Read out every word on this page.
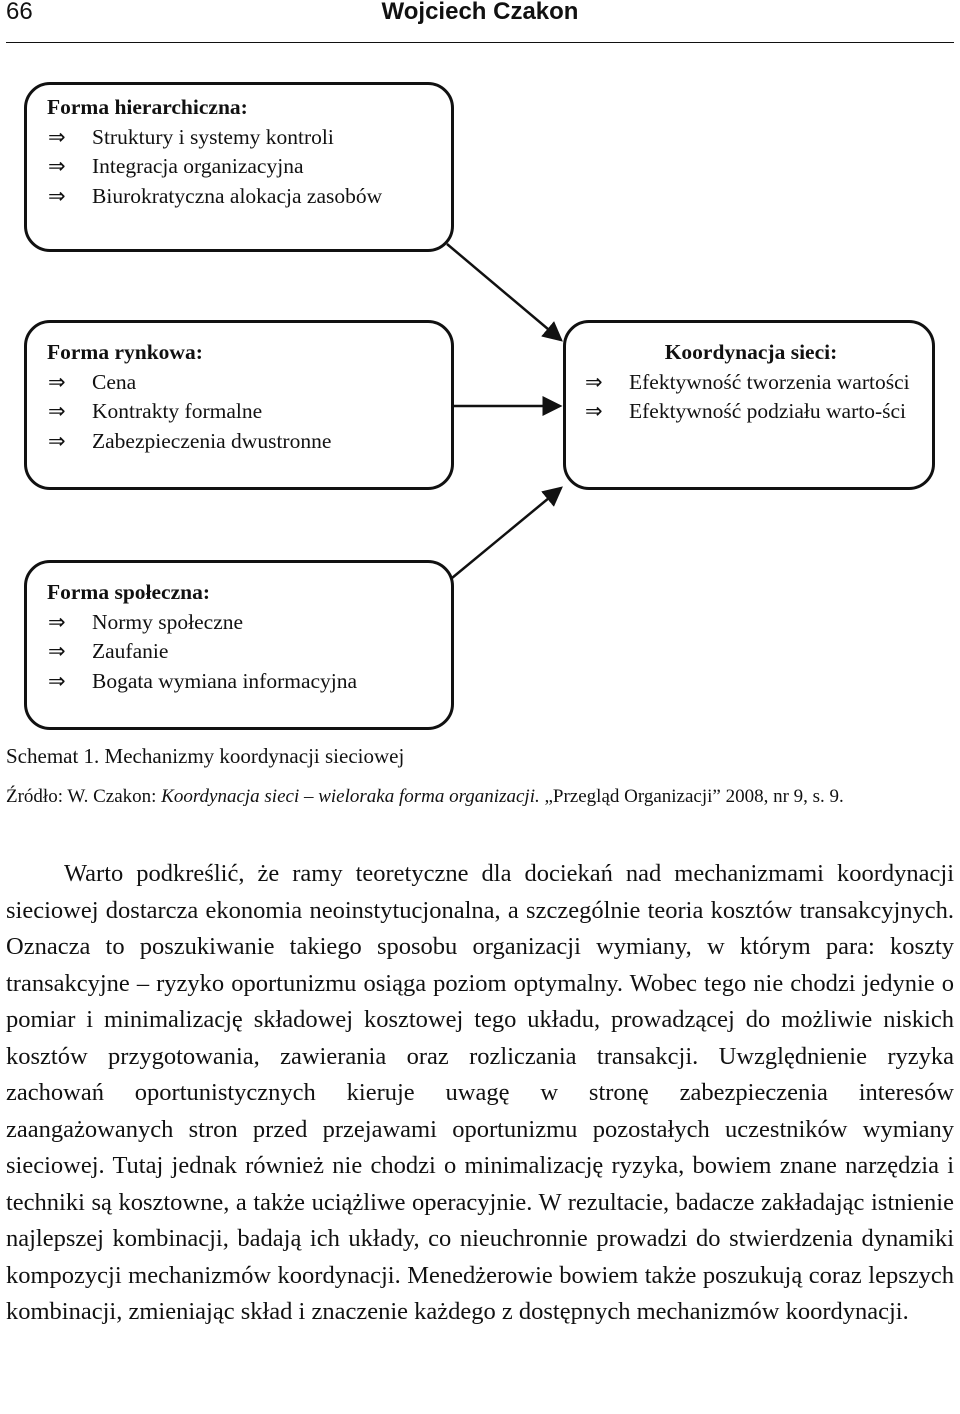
66	Wojciech Czakon
Forma hierarchiczna:
⇒	Struktury i systemy kontroli
⇒	Integracja organizacyjna
⇒	Biurokratyczna alokacja zasobów
Forma rynkowa:
⇒	Cena
⇒	Kontrakty formalne
⇒	Zabezpieczenia dwustronne
Koordynacja sieci:
⇒	Efektywność tworzenia wartości
⇒	Efektywność podziału warto-ści
Forma społeczna:
⇒	Normy społeczne
⇒	Zaufanie
⇒	Bogata wymiana informacyjna
Schemat 1. Mechanizmy koordynacji sieciowej
Źródło: W. Czakon: Koordynacja sieci – wieloraka forma organizacji. „Przegląd Organizacji” 2008, nr 9, s. 9.
Warto podkreślić, że ramy teoretyczne dla dociekań nad mechanizmami koordynacji sieciowej dostarcza ekonomia neoinstytucjonalna, a szczególnie teoria kosztów transakcyjnych. Oznacza to poszukiwanie takiego sposobu organizacji wymiany, w którym para: koszty transakcyjne – ryzyko oportunizmu osiąga poziom optymalny. Wobec tego nie chodzi jedynie o pomiar i minimalizację składowej kosztowej tego układu, prowadzącej do możliwie niskich kosztów przygotowania, zawierania oraz rozliczania transakcji. Uwzględnienie ryzyka zachowań oportunistycznych kieruje uwagę w stronę zabezpieczenia interesów zaangażowanych stron przed przejawami oportunizmu pozostałych uczestników wymiany sieciowej. Tutaj jednak również nie chodzi o minimalizację ryzyka, bowiem znane narzędzia i techniki są kosztowne, a także uciążliwe operacyjnie. W rezultacie, badacze zakładając istnienie najlepszej kombinacji, badają ich układy, co nieuchronnie prowadzi do stwierdzenia dynamiki kompozycji mechanizmów koordynacji. Menedżerowie bowiem także poszukują coraz lepszych kombinacji, zmieniając skład i znaczenie każdego z dostępnych mechanizmów koordynacji.
